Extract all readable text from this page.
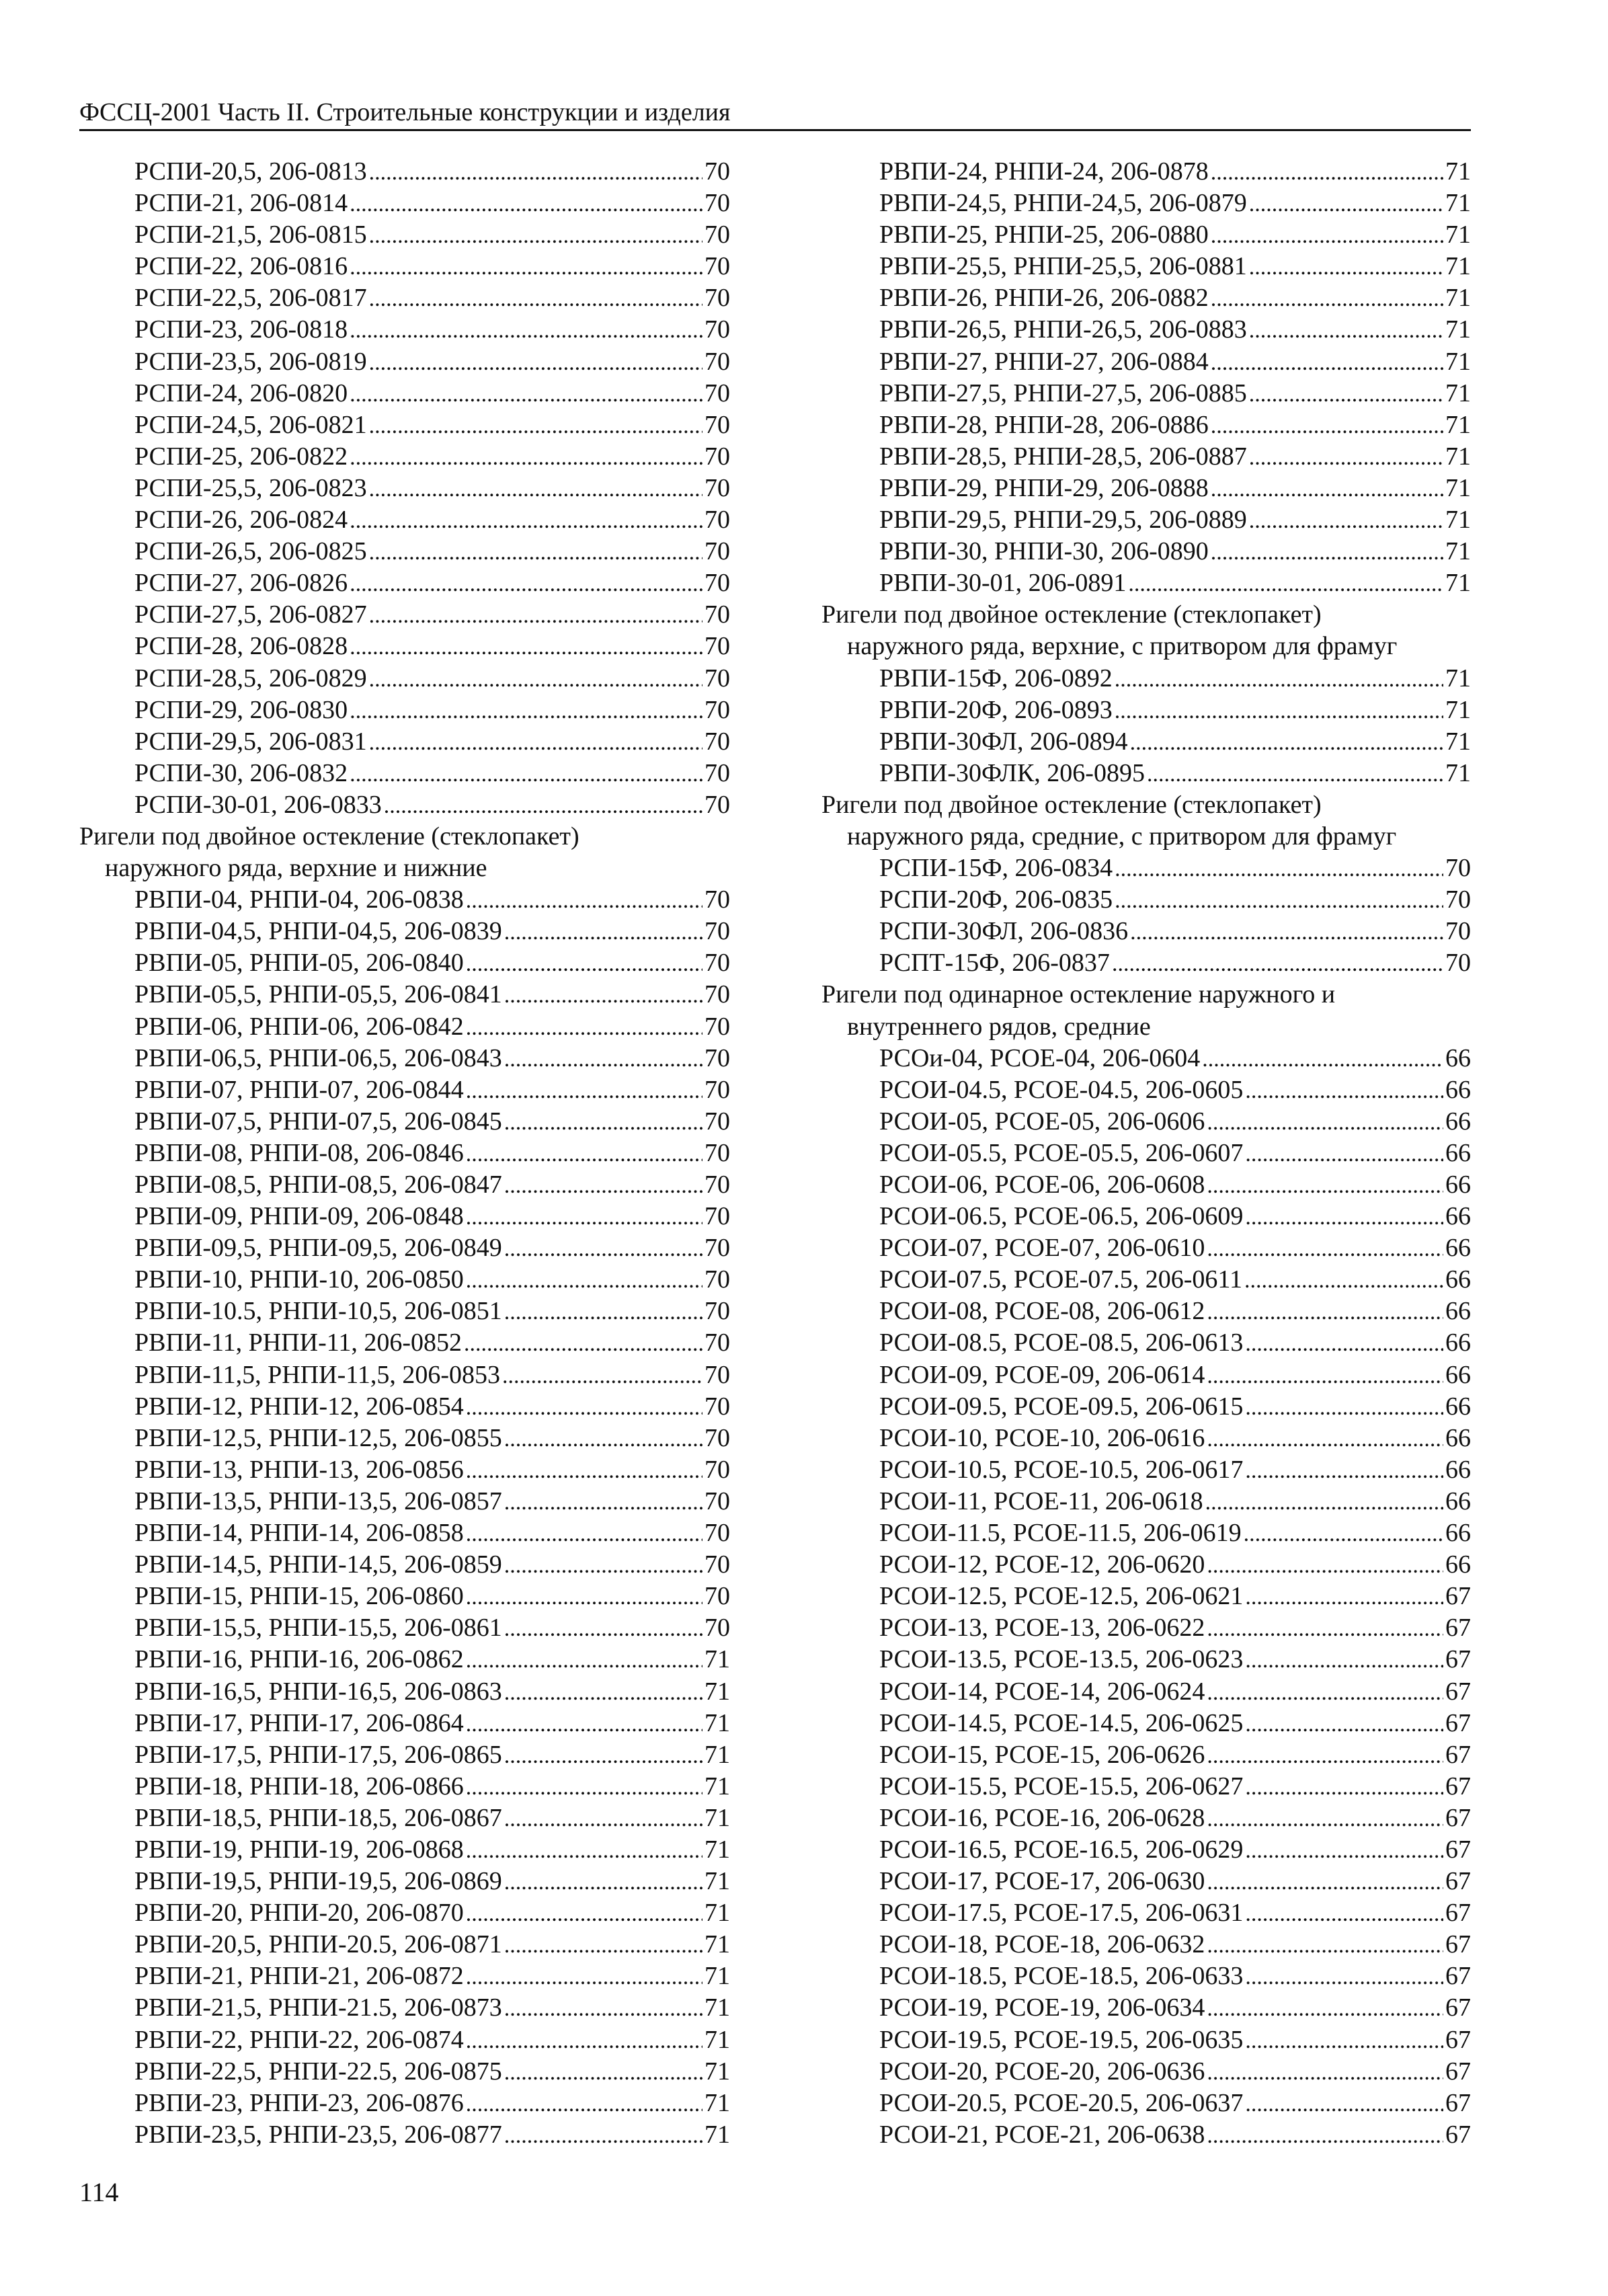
ФССЦ-2001 Часть II. Строительные конструкции и изделия
РСПИ-20,5, 206-0813 .....	70
РСПИ-21, 206-0814 .....	70
РСПИ-21,5, 206-0815 .....	70
РСПИ-22, 206-0816 .....	70
РСПИ-22,5, 206-0817 .....	70
РСПИ-23, 206-0818 .....	70
РСПИ-23,5, 206-0819 .....	70
РСПИ-24, 206-0820 .....	70
РСПИ-24,5, 206-0821 .....	70
РСПИ-25, 206-0822 .....	70
РСПИ-25,5, 206-0823 .....	70
РСПИ-26, 206-0824 .....	70
РСПИ-26,5, 206-0825 .....	70
РСПИ-27, 206-0826 .....	70
РСПИ-27,5, 206-0827 .....	70
РСПИ-28, 206-0828 .....	70
РСПИ-28,5, 206-0829 .....	70
РСПИ-29, 206-0830 .....	70
РСПИ-29,5, 206-0831 .....	70
РСПИ-30, 206-0832 .....	70
РСПИ-30-01, 206-0833 .....	70
Ригели под двойное остекление (стеклопакет)
наружного ряда, верхние и нижние
РВПИ-04, РНПИ-04, 206-0838 .....	70
РВПИ-04,5, РНПИ-04,5, 206-0839 .....	70
РВПИ-05, РНПИ-05, 206-0840 .....	70
РВПИ-05,5, РНПИ-05,5, 206-0841 .....	70
РВПИ-06, РНПИ-06, 206-0842 .....	70
РВПИ-06,5, РНПИ-06,5, 206-0843 .....	70
РВПИ-07, РНПИ-07, 206-0844 .....	70
РВПИ-07,5, РНПИ-07,5, 206-0845 .....	70
РВПИ-08, РНПИ-08, 206-0846 .....	70
РВПИ-08,5, РНПИ-08,5, 206-0847 .....	70
РВПИ-09, РНПИ-09, 206-0848 .....	70
РВПИ-09,5, РНПИ-09,5, 206-0849 .....	70
РВПИ-10, РНПИ-10, 206-0850 .....	70
РВПИ-10.5, РНПИ-10,5, 206-0851 .....	70
РВПИ-11, РНПИ-11, 206-0852 .....	70
РВПИ-11,5, РНПИ-11,5, 206-0853 .....	70
РВПИ-12, РНПИ-12, 206-0854 .....	70
РВПИ-12,5, РНПИ-12,5, 206-0855 .....	70
РВПИ-13, РНПИ-13, 206-0856 .....	70
РВПИ-13,5, РНПИ-13,5, 206-0857 .....	70
РВПИ-14, РНПИ-14, 206-0858 .....	70
РВПИ-14,5, РНПИ-14,5, 206-0859 .....	70
РВПИ-15, РНПИ-15, 206-0860 .....	70
РВПИ-15,5, РНПИ-15,5, 206-0861 .....	70
РВПИ-16, РНПИ-16, 206-0862 .....	71
РВПИ-16,5, РНПИ-16,5, 206-0863 .....	71
РВПИ-17, РНПИ-17, 206-0864 .....	71
РВПИ-17,5, РНПИ-17,5, 206-0865 .....	71
РВПИ-18, РНПИ-18, 206-0866 .....	71
РВПИ-18,5, РНПИ-18,5, 206-0867 .....	71
РВПИ-19, РНПИ-19, 206-0868 .....	71
РВПИ-19,5, РНПИ-19,5, 206-0869 .....	71
РВПИ-20, РНПИ-20, 206-0870 .....	71
РВПИ-20,5, РНПИ-20.5, 206-0871 .....	71
РВПИ-21, РНПИ-21, 206-0872 .....	71
РВПИ-21,5, РНПИ-21.5, 206-0873 .....	71
РВПИ-22, РНПИ-22, 206-0874 .....	71
РВПИ-22,5, РНПИ-22.5, 206-0875 .....	71
РВПИ-23, РНПИ-23, 206-0876 .....	71
РВПИ-23,5, РНПИ-23,5, 206-0877 .....	71
РВПИ-24, РНПИ-24, 206-0878 .....	71
РВПИ-24,5, РНПИ-24,5, 206-0879 .....	71
РВПИ-25, РНПИ-25, 206-0880 .....	71
РВПИ-25,5, РНПИ-25,5, 206-0881 .....	71
РВПИ-26, РНПИ-26, 206-0882 .....	71
РВПИ-26,5, РНПИ-26,5, 206-0883 .....	71
РВПИ-27, РНПИ-27, 206-0884 .....	71
РВПИ-27,5, РНПИ-27,5, 206-0885 .....	71
РВПИ-28, РНПИ-28, 206-0886 .....	71
РВПИ-28,5, РНПИ-28,5, 206-0887 .....	71
РВПИ-29, РНПИ-29, 206-0888 .....	71
РВПИ-29,5, РНПИ-29,5, 206-0889 .....	71
РВПИ-30, РНПИ-30, 206-0890 .....	71
РВПИ-30-01, 206-0891 .....	71
Ригели под двойное остекление (стеклопакет)
наружного ряда, верхние, с притвором для фрамуг
РВПИ-15Ф, 206-0892 .....	71
РВПИ-20Ф, 206-0893 .....	71
РВПИ-30ФЛ, 206-0894 .....	71
РВПИ-30ФЛК, 206-0895 .....	71
Ригели под двойное остекление (стеклопакет)
наружного ряда, средние, с притвором для фрамуг
РСПИ-15Ф, 206-0834 .....	70
РСПИ-20Ф, 206-0835 .....	70
РСПИ-30ФЛ, 206-0836 .....	70
РСПТ-15Ф, 206-0837 .....	70
Ригели под одинарное остекление наружного и
внутреннего рядов, средние
РСОи-04, РСОЕ-04, 206-0604 .....	66
РСОИ-04.5, РСОЕ-04.5, 206-0605 .....	66
РСОИ-05, РСОЕ-05, 206-0606 .....	66
РСОИ-05.5, РСОЕ-05.5, 206-0607 .....	66
РСОИ-06, РСОЕ-06, 206-0608 .....	66
РСОИ-06.5, РСОЕ-06.5, 206-0609 .....	66
РСОИ-07, РСОЕ-07, 206-0610 .....	66
РСОИ-07.5, РСОЕ-07.5, 206-0611 .....	66
РСОИ-08, РСОЕ-08, 206-0612 .....	66
РСОИ-08.5, РСОЕ-08.5, 206-0613 .....	66
РСОИ-09, РСОЕ-09, 206-0614 .....	66
РСОИ-09.5, РСОЕ-09.5, 206-0615 .....	66
РСОИ-10, РСОЕ-10, 206-0616 .....	66
РСОИ-10.5, РСОЕ-10.5, 206-0617 .....	66
РСОИ-11, РСОЕ-11, 206-0618 .....	66
РСОИ-11.5, РСОЕ-11.5, 206-0619 .....	66
РСОИ-12, РСОЕ-12, 206-0620 .....	66
РСОИ-12.5, РСОЕ-12.5, 206-0621 .....	67
РСОИ-13, РСОЕ-13, 206-0622 .....	67
РСОИ-13.5, РСОЕ-13.5, 206-0623 .....	67
РСОИ-14, РСОЕ-14, 206-0624 .....	67
РСОИ-14.5, РСОЕ-14.5, 206-0625 .....	67
РСОИ-15, РСОЕ-15, 206-0626 .....	67
РСОИ-15.5, РСОЕ-15.5, 206-0627 .....	67
РСОИ-16, РСОЕ-16, 206-0628 .....	67
РСОИ-16.5, РСОЕ-16.5, 206-0629 .....	67
РСОИ-17, РСОЕ-17, 206-0630 .....	67
РСОИ-17.5, РСОЕ-17.5, 206-0631 .....	67
РСОИ-18, РСОЕ-18, 206-0632 .....	67
РСОИ-18.5, РСОЕ-18.5, 206-0633 .....	67
РСОИ-19, РСОЕ-19, 206-0634 .....	67
РСОИ-19.5, РСОЕ-19.5, 206-0635 .....	67
РСОИ-20, РСОЕ-20, 206-0636 .....	67
РСОИ-20.5, РСОЕ-20.5, 206-0637 .....	67
РСОИ-21, РСОЕ-21, 206-0638 .....	67
114
